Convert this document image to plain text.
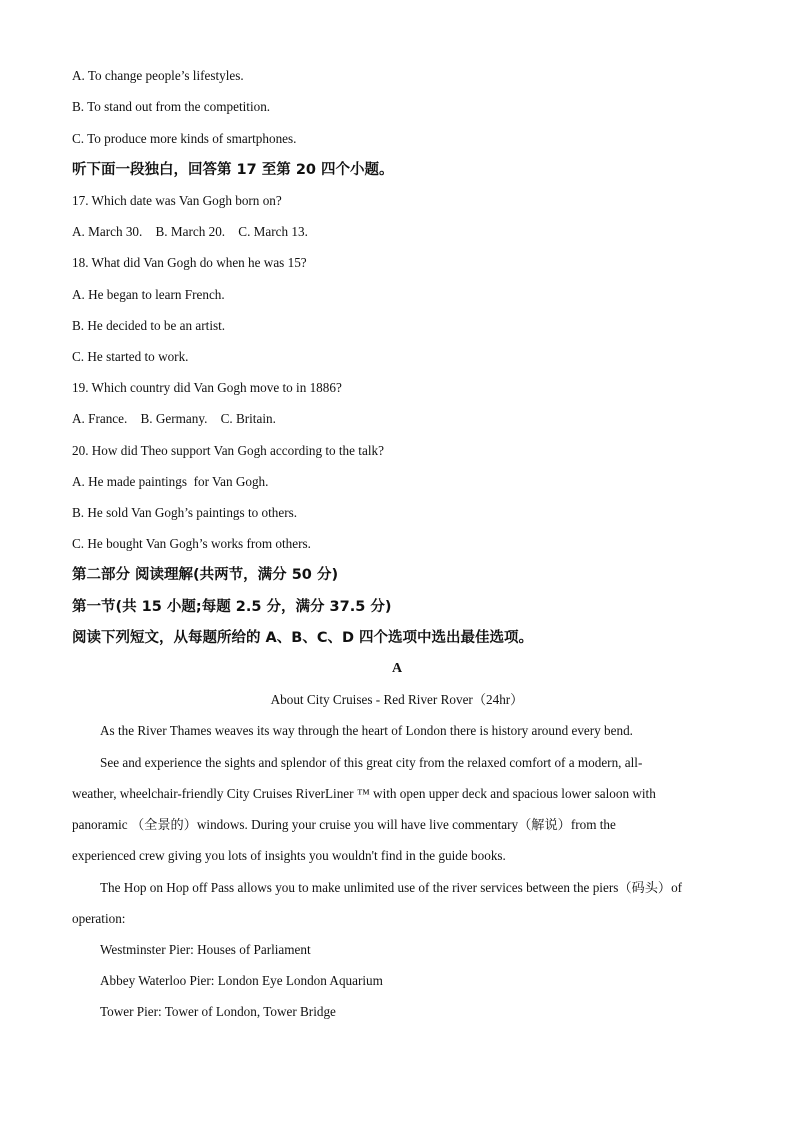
A. To change people’s lifestyles.
B. To stand out from the competition.
C. To produce more kinds of smartphones.
听下面一段独白，回答第 17 至第 20 四个小题。
17. Which date was Van Gogh born on?
A. March 30.    B. March 20.    C. March 13.
18. What did Van Gogh do when he was 15?
A. He began to learn French.
B. He decided to be an artist.
C. He started to work.
19. Which country did Van Gogh move to in 1886?
A. France.    B. Germany.    C. Britain.
20. How did Theo support Van Gogh according to the talk?
A. He made paintings  for Van Gogh.
B. He sold Van Gogh’s paintings to others.
C. He bought Van Gogh’s works from others.
第二部分 阅读理解(共两节，满分 50 分)
第一节(共 15 小题;每题 2.5 分，满分 37.5 分)
阅读下列短文，从每题所给的 A、B、C、D 四个选项中选出最佳选项。
A
About City Cruises - Red River Rover（24hr）
As the River Thames weaves its way through the heart of London there is history around every bend.
See and experience the sights and splendor of this great city from the relaxed comfort of a modern, all-
weather, wheelchair-friendly City Cruises RiverLiner ™ with open upper deck and spacious lower saloon with
panoramic （全景的）windows. During your cruise you will have live commentary（解说）from the
experienced crew giving you lots of insights you wouldn't find in the guide books.
The Hop on Hop off Pass allows you to make unlimited use of the river services between the piers（码头）of
operation:
Westminster Pier: Houses of Parliament
Abbey Waterloo Pier: London Eye London Aquarium
Tower Pier: Tower of London, Tower Bridge
